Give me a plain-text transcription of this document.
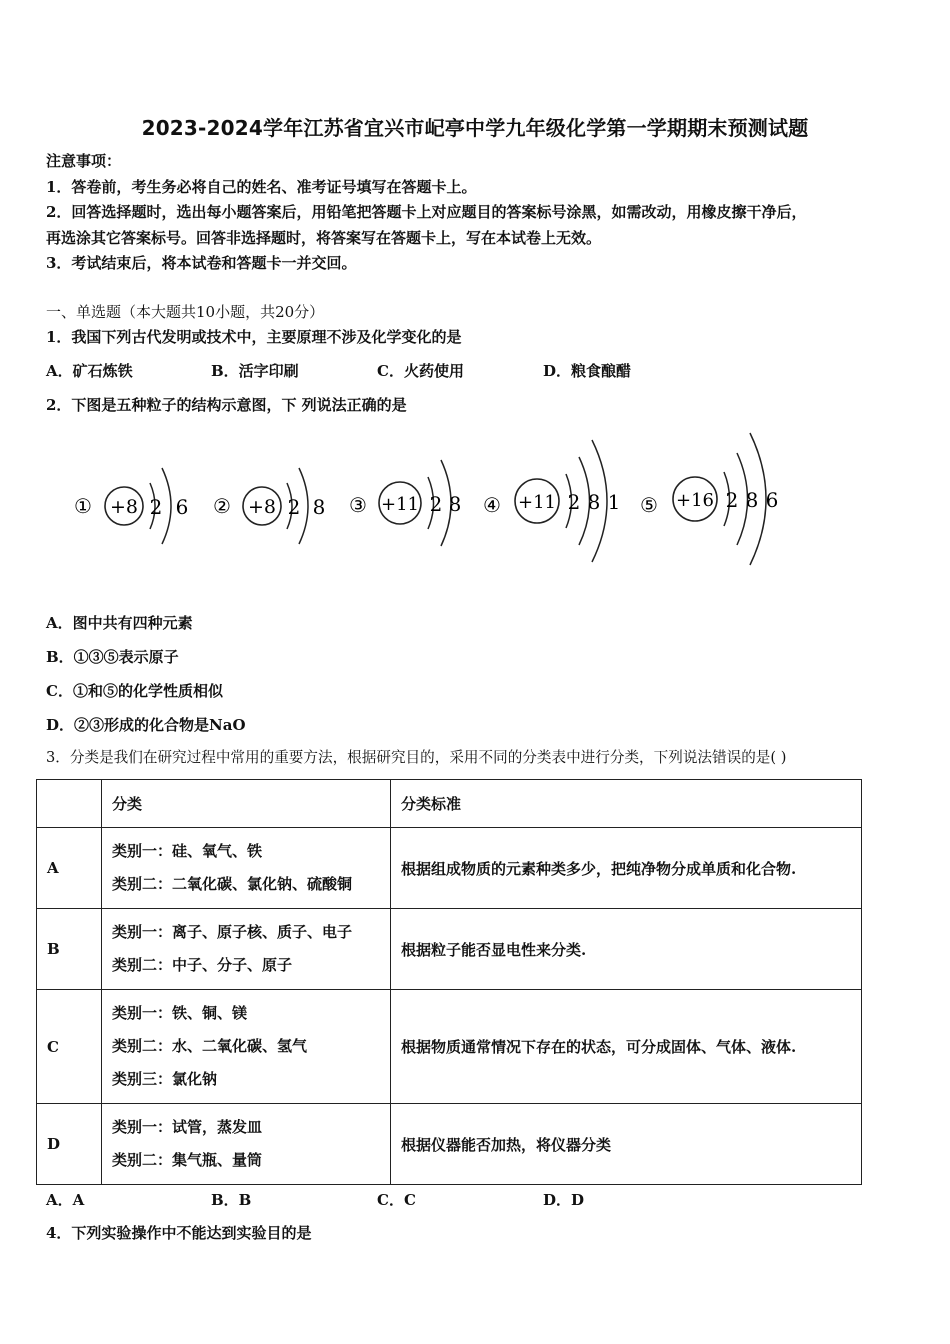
2023-2024学年江苏省宜兴市屺亭中学九年级化学第一学期期末预测试题
注意事项：
1．答卷前，考生务必将自己的姓名、准考证号填写在答题卡上。
2．回答选择题时，选出每小题答案后，用铅笔把答题卡上对应题目的答案标号涂黑，如需改动，用橡皮擦干净后，
再选涂其它答案标号。回答非选择题时，将答案写在答题卡上，写在本试卷上无效。
3．考试结束后，将本试卷和答题卡一并交回。
一、单选题（本大题共10小题，共20分）
1．我国下列古代发明或技术中，主要原理不涉及化学变化的是
A．矿石炼铁	B．活字印刷	C．火药使用	D．粮食酿醋
2．下图是五种粒子的结构示意图，下 列说法正确的是
① +8 2 6 ② +8 2 8 ③ +11 2 8 ④ +11 2 8 1 ⑤ +16 2 8 6
A．图中共有四种元素
B．①③⑤表示原子
C．①和⑤的化学性质相似
D．②③形成的化合物是NaO
3．分类是我们在研究过程中常用的重要方法，根据研究目的，采用不同的分类表中进行分类，下列说法错误的是( )
	分类	分类标准
A	类别一：硅、氧气、铁
类别二：二氧化碳、氯化钠、硫酸铜	根据组成物质的元素种类多少，把纯净物分成单质和化合物.
B	类别一：离子、原子核、质子、电子
类别二：中子、分子、原子	根据粒子能否显电性来分类.
C	类别一：铁、铜、镁
类别二：水、二氧化碳、氢气
类别三：氯化钠	根据物质通常情况下存在的状态，可分成固体、气体、液体.
D	类别一：试管，蒸发皿
类别二：集气瓶、量筒	根据仪器能否加热，将仪器分类
A．A	B．B	C．C	D．D
4．下列实验操作中不能达到实验目的是
